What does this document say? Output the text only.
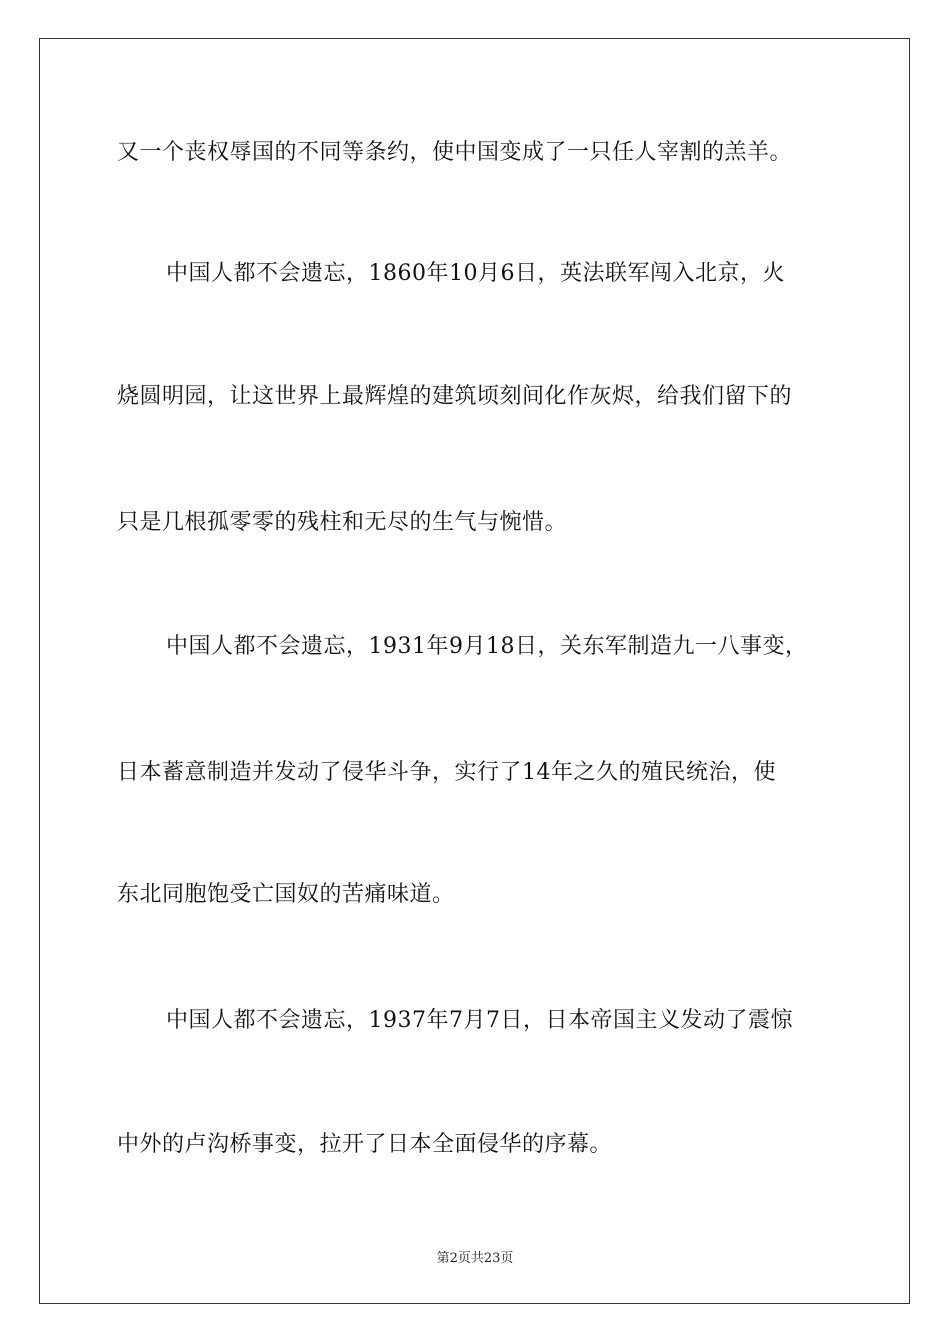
又一个丧权辱国的不同等条约，使中国变成了一只任人宰割的羔羊。
中国人都不会遗忘，1860年10月6日，英法联军闯入北京，火
烧圆明园，让这世界上最辉煌的建筑顷刻间化作灰烬，给我们留下的
只是几根孤零零的残柱和无尽的生气与惋惜。
中国人都不会遗忘，1931年9月18日，关东军制造九一八事变，
日本蓄意制造并发动了侵华斗争，实行了14年之久的殖民统治，使
东北同胞饱受亡国奴的苦痛味道。
中国人都不会遗忘，1937年7月7日，日本帝国主义发动了震惊
中外的卢沟桥事变，拉开了日本全面侵华的序幕。
第2页共23页
